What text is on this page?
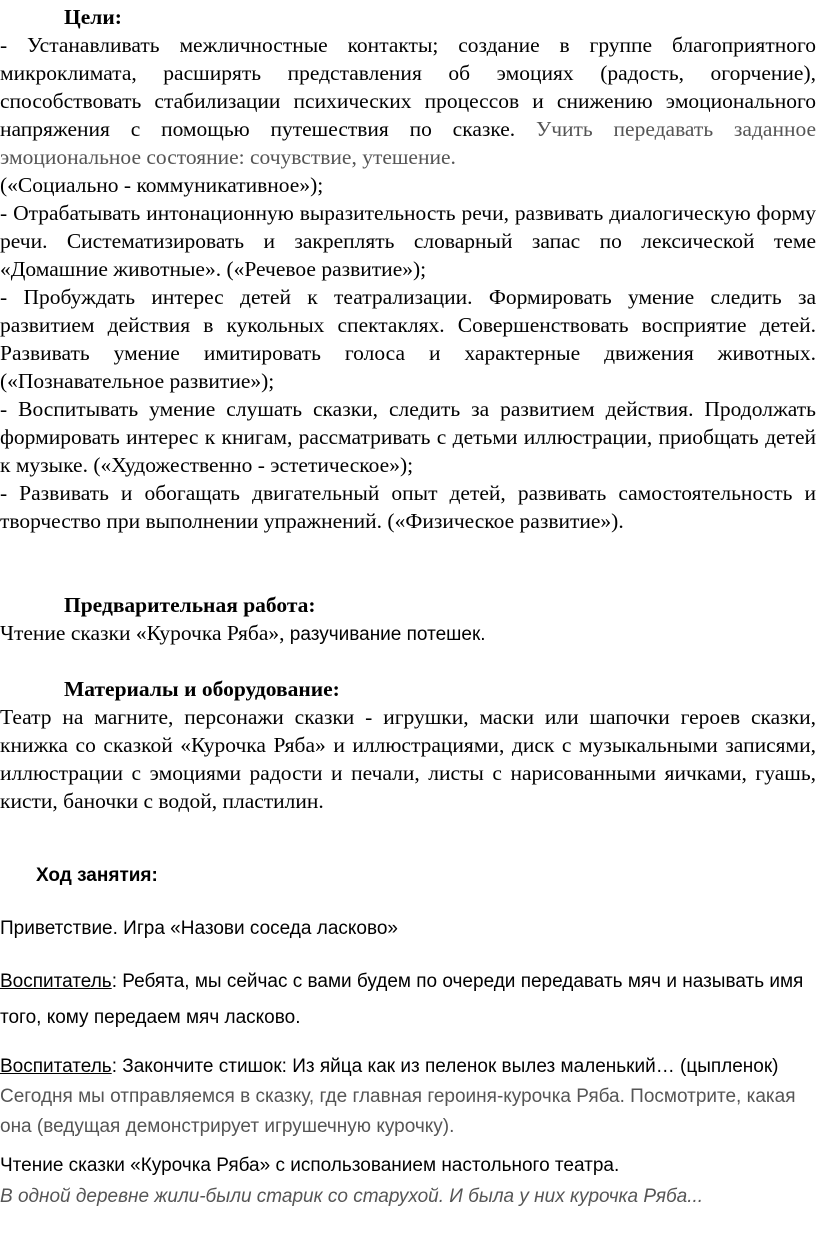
Цели:

- Устанавливать межличностные контакты; создание в группе благоприятного микроклимата, расширять представления об эмоциях (радость, огорчение), способствовать стабилизации психических процессов и снижению эмоционального напряжения с помощью путешествия по сказке. Учить передавать заданное эмоциональное состояние: сочувствие, утешение.

(«Социально - коммуникативное»);

- Отрабатывать интонационную выразительность речи, развивать диалогическую форму речи. Систематизировать и закреплять словарный запас по лексической теме «Домашние животные». («Речевое развитие»);

- Пробуждать интерес детей к театрализации. Формировать умение следить за развитием действия в кукольных спектаклях. Совершенствовать восприятие детей. Развивать умение имитировать голоса и характерные движения животных. («Познавательное развитие»);

- Воспитывать умение слушать сказки, следить за развитием действия. Продолжать формировать интерес к книгам, рассматривать с детьми иллюстрации, приобщать детей к музыке. («Художественно - эстетическое»);

- Развивать и обогащать двигательный опыт детей, развивать самостоятельность и творчество при выполнении упражнений. («Физическое развитие»).

Предварительная работа:

Чтение сказки «Курочка Ряба», разучивание потешек.

Материалы и оборудование:

Театр на магните, персонажи сказки - игрушки, маски или шапочки героев сказки, книжка со сказкой «Курочка Ряба» и иллюстрациями, диск с музыкальными записями, иллюстрации с эмоциями радости и печали, листы с нарисованными яичками, гуашь, кисти, баночки с водой, пластилин.

Ход занятия:

Приветствие. Игра «Назови соседа ласково»

Воспитатель: Ребята, мы сейчас с вами будем по очереди передавать мяч и называть имя того, кому передаем мяч ласково.

Воспитатель: Закончите стишок: Из яйца как из пеленок вылез маленький… (цыпленок) Сегодня мы отправляемся в сказку, где главная героиня-курочка Ряба. Посмотрите, какая она (ведущая демонстрирует игрушечную курочку).

Чтение сказки «Курочка Ряба» с использованием настольного театра.

В одной деревне жили-были старик со старухой. И была у них курочка Ряба...
